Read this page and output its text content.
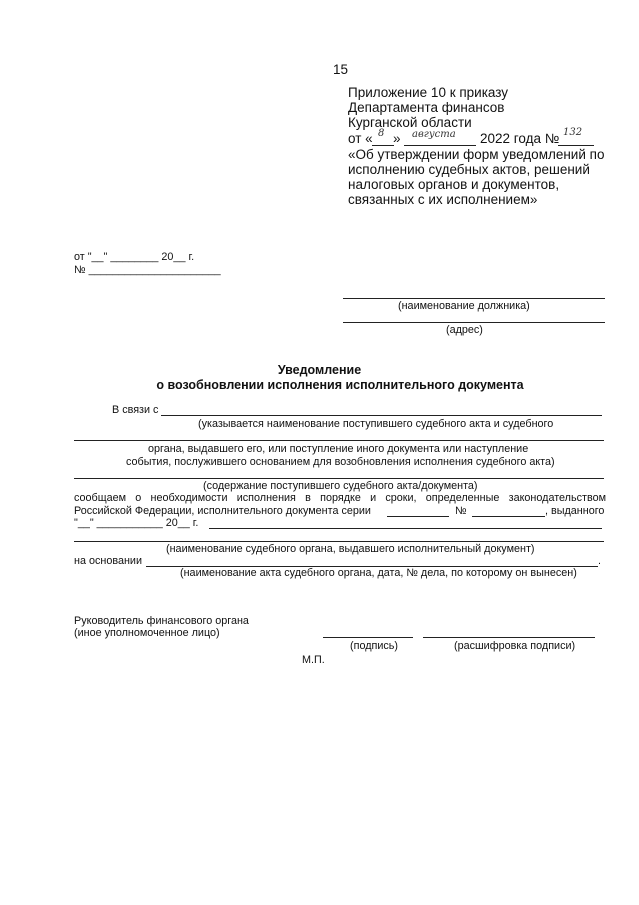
15
Приложение 10 к приказу
Департамента финансов
Курганской области
от « 8 » августа 2022 года № 132
«Об утверждении форм уведомлений по
исполнению судебных актов, решений
налоговых органов и документов,
связанных с их исполнением»
от "__" ________ 20__ г.
№ ______________________
(наименование должника)
(адрес)
Уведомление
о возобновлении исполнения исполнительного документа
В связи с
(указывается наименование поступившего судебного акта и судебного
органа, выдавшего его, или поступление иного документа или наступление
события, послужившего основанием для возобновления исполнения судебного акта)
(содержание поступившего судебного акта/документа)
сообщаем о необходимости исполнения в порядке и сроки, определенные законодательством
Российской Федерации, исполнительного документа серии	№	, выданного
"__" ___________ 20__ г.
(наименование судебного органа, выдавшего исполнительный документ)
на основании	.
(наименование акта судебного органа, дата, № дела, по которому он вынесен)
Руководитель финансового органа
(иное уполномоченное лицо)
(подпись)	(расшифровка подписи)
М.П.
